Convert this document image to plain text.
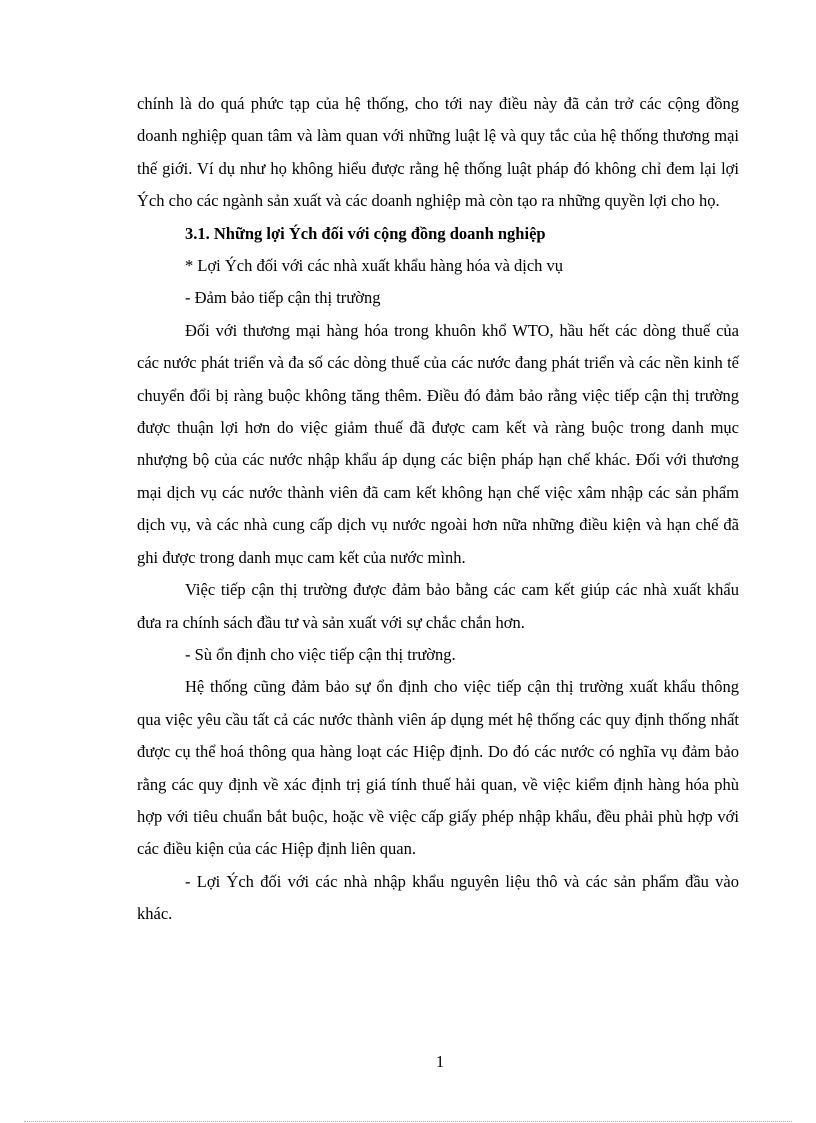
chính là do quá phức tạp của hệ thống, cho tới nay điều này đã cản trở các cộng đồng doanh nghiệp quan tâm và làm quan với những luật lệ và quy tắc của hệ thống thương mại thế giới. Ví dụ như họ không hiểu được rằng hệ thống luật pháp đó không chỉ đem lại lợi Ých cho các ngành sản xuất và các doanh nghiệp mà còn tạo ra những quyền lợi cho họ.

3.1. Những lợi Ých đối với cộng đồng doanh nghiệp

* Lợi Ých đối với các nhà xuất khẩu hàng hóa và dịch vụ

- Đảm bảo tiếp cận thị trường

Đối với thương mại hàng hóa trong khuôn khổ WTO, hầu hết các dòng thuế của các nước phát triển và đa số các dòng thuế của các nước đang phát triển và các nền kinh tế chuyển đổi bị ràng buộc không tăng thêm. Điều đó đảm bảo rằng việc tiếp cận thị trường được thuận lợi hơn do việc giảm thuế đã được cam kết và ràng buộc trong danh mục nhượng bộ của các nước nhập khẩu áp dụng các biện pháp hạn chế khác. Đối với thương mại dịch vụ các nước thành viên đã cam kết không hạn chế việc xâm nhập các sản phẩm dịch vụ, và các nhà cung cấp dịch vụ nước ngoài hơn nữa những điều kiện và hạn chế đã ghi được trong danh mục cam kết của nước mình.

Việc tiếp cận thị trường được đảm bảo bằng các cam kết giúp các nhà xuất khẩu đưa ra chính sách đầu tư và sản xuất với sự chắc chắn hơn.

- Sù ổn định cho việc tiếp cận thị trường.

Hệ thống cũng đảm bảo sự ổn định cho việc tiếp cận thị trường xuất khẩu thông qua việc yêu cầu tất cả các nước thành viên áp dụng mét hệ thống các quy định thống nhất được cụ thể hoá thông qua hàng loạt các Hiệp định. Do đó các nước có nghĩa vụ đảm bảo rằng các quy định về xác định trị giá tính thuế hải quan, về việc kiểm định hàng hóa phù hợp với tiêu chuẩn bắt buộc, hoặc về việc cấp giấy phép nhập khẩu, đều phải phù hợp với các điều kiện của các Hiệp định liên quan.

- Lợi Ých đối với các nhà nhập khẩu nguyên liệu thô và các sản phẩm đầu vào khác.

1
